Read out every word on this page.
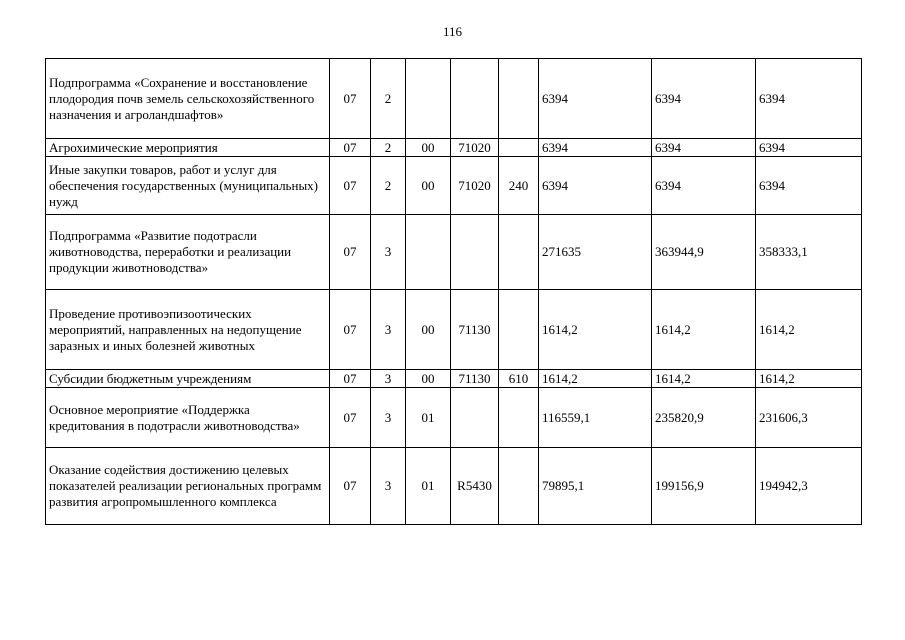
116
Подпрограмма «Сохранение и восстановление плодородия почв земель сельскохозяйственного назначения и агроландшафтов»	07	2				6394	6394	6394
Агрохимические мероприятия	07	2	00	71020		6394	6394	6394
Иные закупки товаров, работ и услуг для обеспечения государственных (муниципальных) нужд	07	2	00	71020	240	6394	6394	6394
Подпрограмма «Развитие подотрасли животноводства, переработки и реализации продукции животноводства»	07	3				271635	363944,9	358333,1
Проведение противоэпизоотических мероприятий, направленных на недопущение заразных и иных болезней животных	07	3	00	71130		1614,2	1614,2	1614,2
Субсидии бюджетным учреждениям	07	3	00	71130	610	1614,2	1614,2	1614,2
Основное мероприятие «Поддержка кредитования в подотрасли животноводства»	07	3	01			116559,1	235820,9	231606,3
Оказание содействия достижению целевых показателей реализации региональных программ развития агропромышленного комплекса	07	3	01	R5430		79895,1	199156,9	194942,3
